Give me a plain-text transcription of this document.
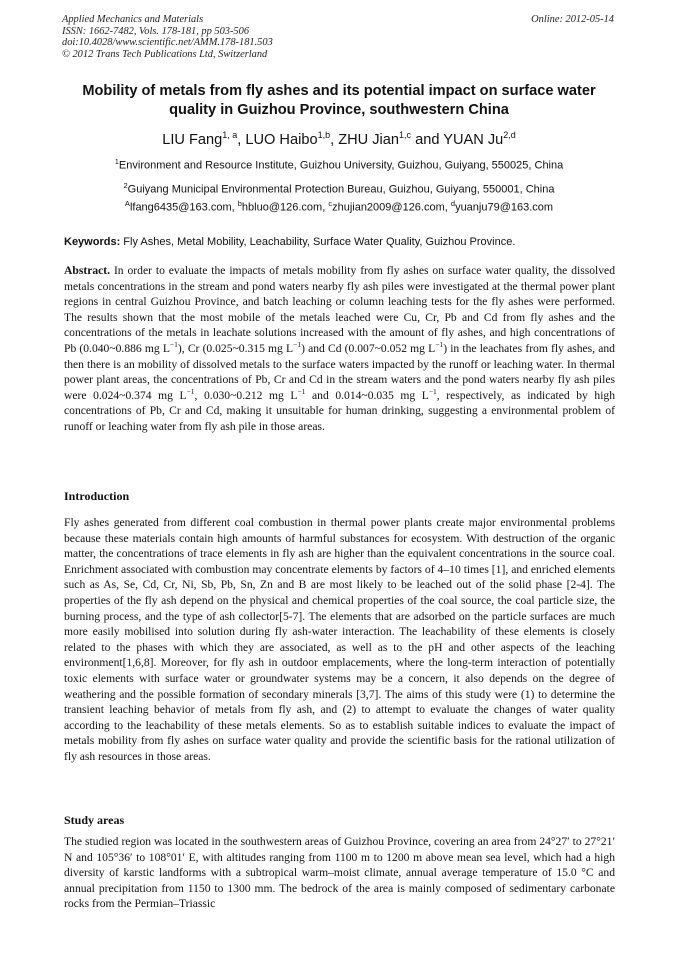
Applied Mechanics and Materials
ISSN: 1662-7482, Vols. 178-181, pp 503-506
doi:10.4028/www.scientific.net/AMM.178-181.503
© 2012 Trans Tech Publications Ltd, Switzerland
Online: 2012-05-14
Mobility of metals from fly ashes and its potential impact on surface water quality in Guizhou Province, southwestern China
LIU Fang$^{1, a}$, LUO Haibo$^{1,b}$, ZHU Jian$^{1,c}$ and YUAN Ju$^{2,d}$
$^1$Environment and Resource Institute, Guizhou University, Guizhou, Guiyang, 550025, China
$^2$Guiyang Municipal Environmental Protection Bureau, Guizhou, Guiyang, 550001, China
$^A$lfang6435@163.com, $^b$hbluo@126.com, $^c$zhujian2009@126.com, $^d$yuanju79@163.com
Keywords: Fly Ashes, Metal Mobility, Leachability, Surface Water Quality, Guizhou Province.
Abstract. In order to evaluate the impacts of metals mobility from fly ashes on surface water quality, the dissolved metals concentrations in the stream and pond waters nearby fly ash piles were investigated at the thermal power plant regions in central Guizhou Province, and batch leaching or column leaching tests for the fly ashes were performed. The results shown that the most mobile of the metals leached were Cu, Cr, Pb and Cd from fly ashes and the concentrations of the metals in leachate solutions increased with the amount of fly ashes, and high concentrations of Pb (0.040~0.886 mg $L^{-1}$), Cr (0.025~0.315 mg $L^{-1}$) and Cd (0.007~0.052 mg $L^{-1}$) in the leachates from fly ashes, and then there is an mobility of dissolved metals to the surface waters impacted by the runoff or leaching water. In thermal power plant areas, the concentrations of Pb, Cr and Cd in the stream waters and the pond waters nearby fly ash piles were 0.024~0.374 mg $L^{-1}$, 0.030~0.212 mg $L^{-1}$ and 0.014~0.035 mg $L^{-1}$, respectively, as indicated by high concentrations of Pb, Cr and Cd, making it unsuitable for human drinking, suggesting a environmental problem of runoff or leaching water from fly ash pile in those areas.
Introduction
Fly ashes generated from different coal combustion in thermal power plants create major environmental problems because these materials contain high amounts of harmful substances for ecosystem. With destruction of the organic matter, the concentrations of trace elements in fly ash are higher than the equivalent concentrations in the source coal. Enrichment associated with combustion may concentrate elements by factors of 4–10 times [1], and enriched elements such as As, Se, Cd, Cr, Ni, Sb, Pb, Sn, Zn and B are most likely to be leached out of the solid phase [2-4]. The properties of the fly ash depend on the physical and chemical properties of the coal source, the coal particle size, the burning process, and the type of ash collector[5-7]. The elements that are adsorbed on the particle surfaces are much more easily mobilised into solution during fly ash-water interaction. The leachability of these elements is closely related to the phases with which they are associated, as well as to the pH and other aspects of the leaching environment[1,6,8]. Moreover, for fly ash in outdoor emplacements, where the long-term interaction of potentially toxic elements with surface water or groundwater systems may be a concern, it also depends on the degree of weathering and the possible formation of secondary minerals [3,7]. The aims of this study were (1) to determine the transient leaching behavior of metals from fly ash, and (2) to attempt to evaluate the changes of water quality according to the leachability of these metals elements. So as to establish suitable indices to evaluate the impact of metals mobility from fly ashes on surface water quality and provide the scientific basis for the rational utilization of fly ash resources in those areas.
Study areas
The studied region was located in the southwestern areas of Guizhou Province, covering an area from 24°27′ to 27°21′ N and 105°36′ to 108°01′ E, with altitudes ranging from 1100 m to 1200 m above mean sea level, which had a high diversity of karstic landforms with a subtropical warm–moist climate, annual average temperature of 15.0 °C and annual precipitation from 1150 to 1300 mm. The bedrock of the area is mainly composed of sedimentary carbonate rocks from the Permian–Triassic
